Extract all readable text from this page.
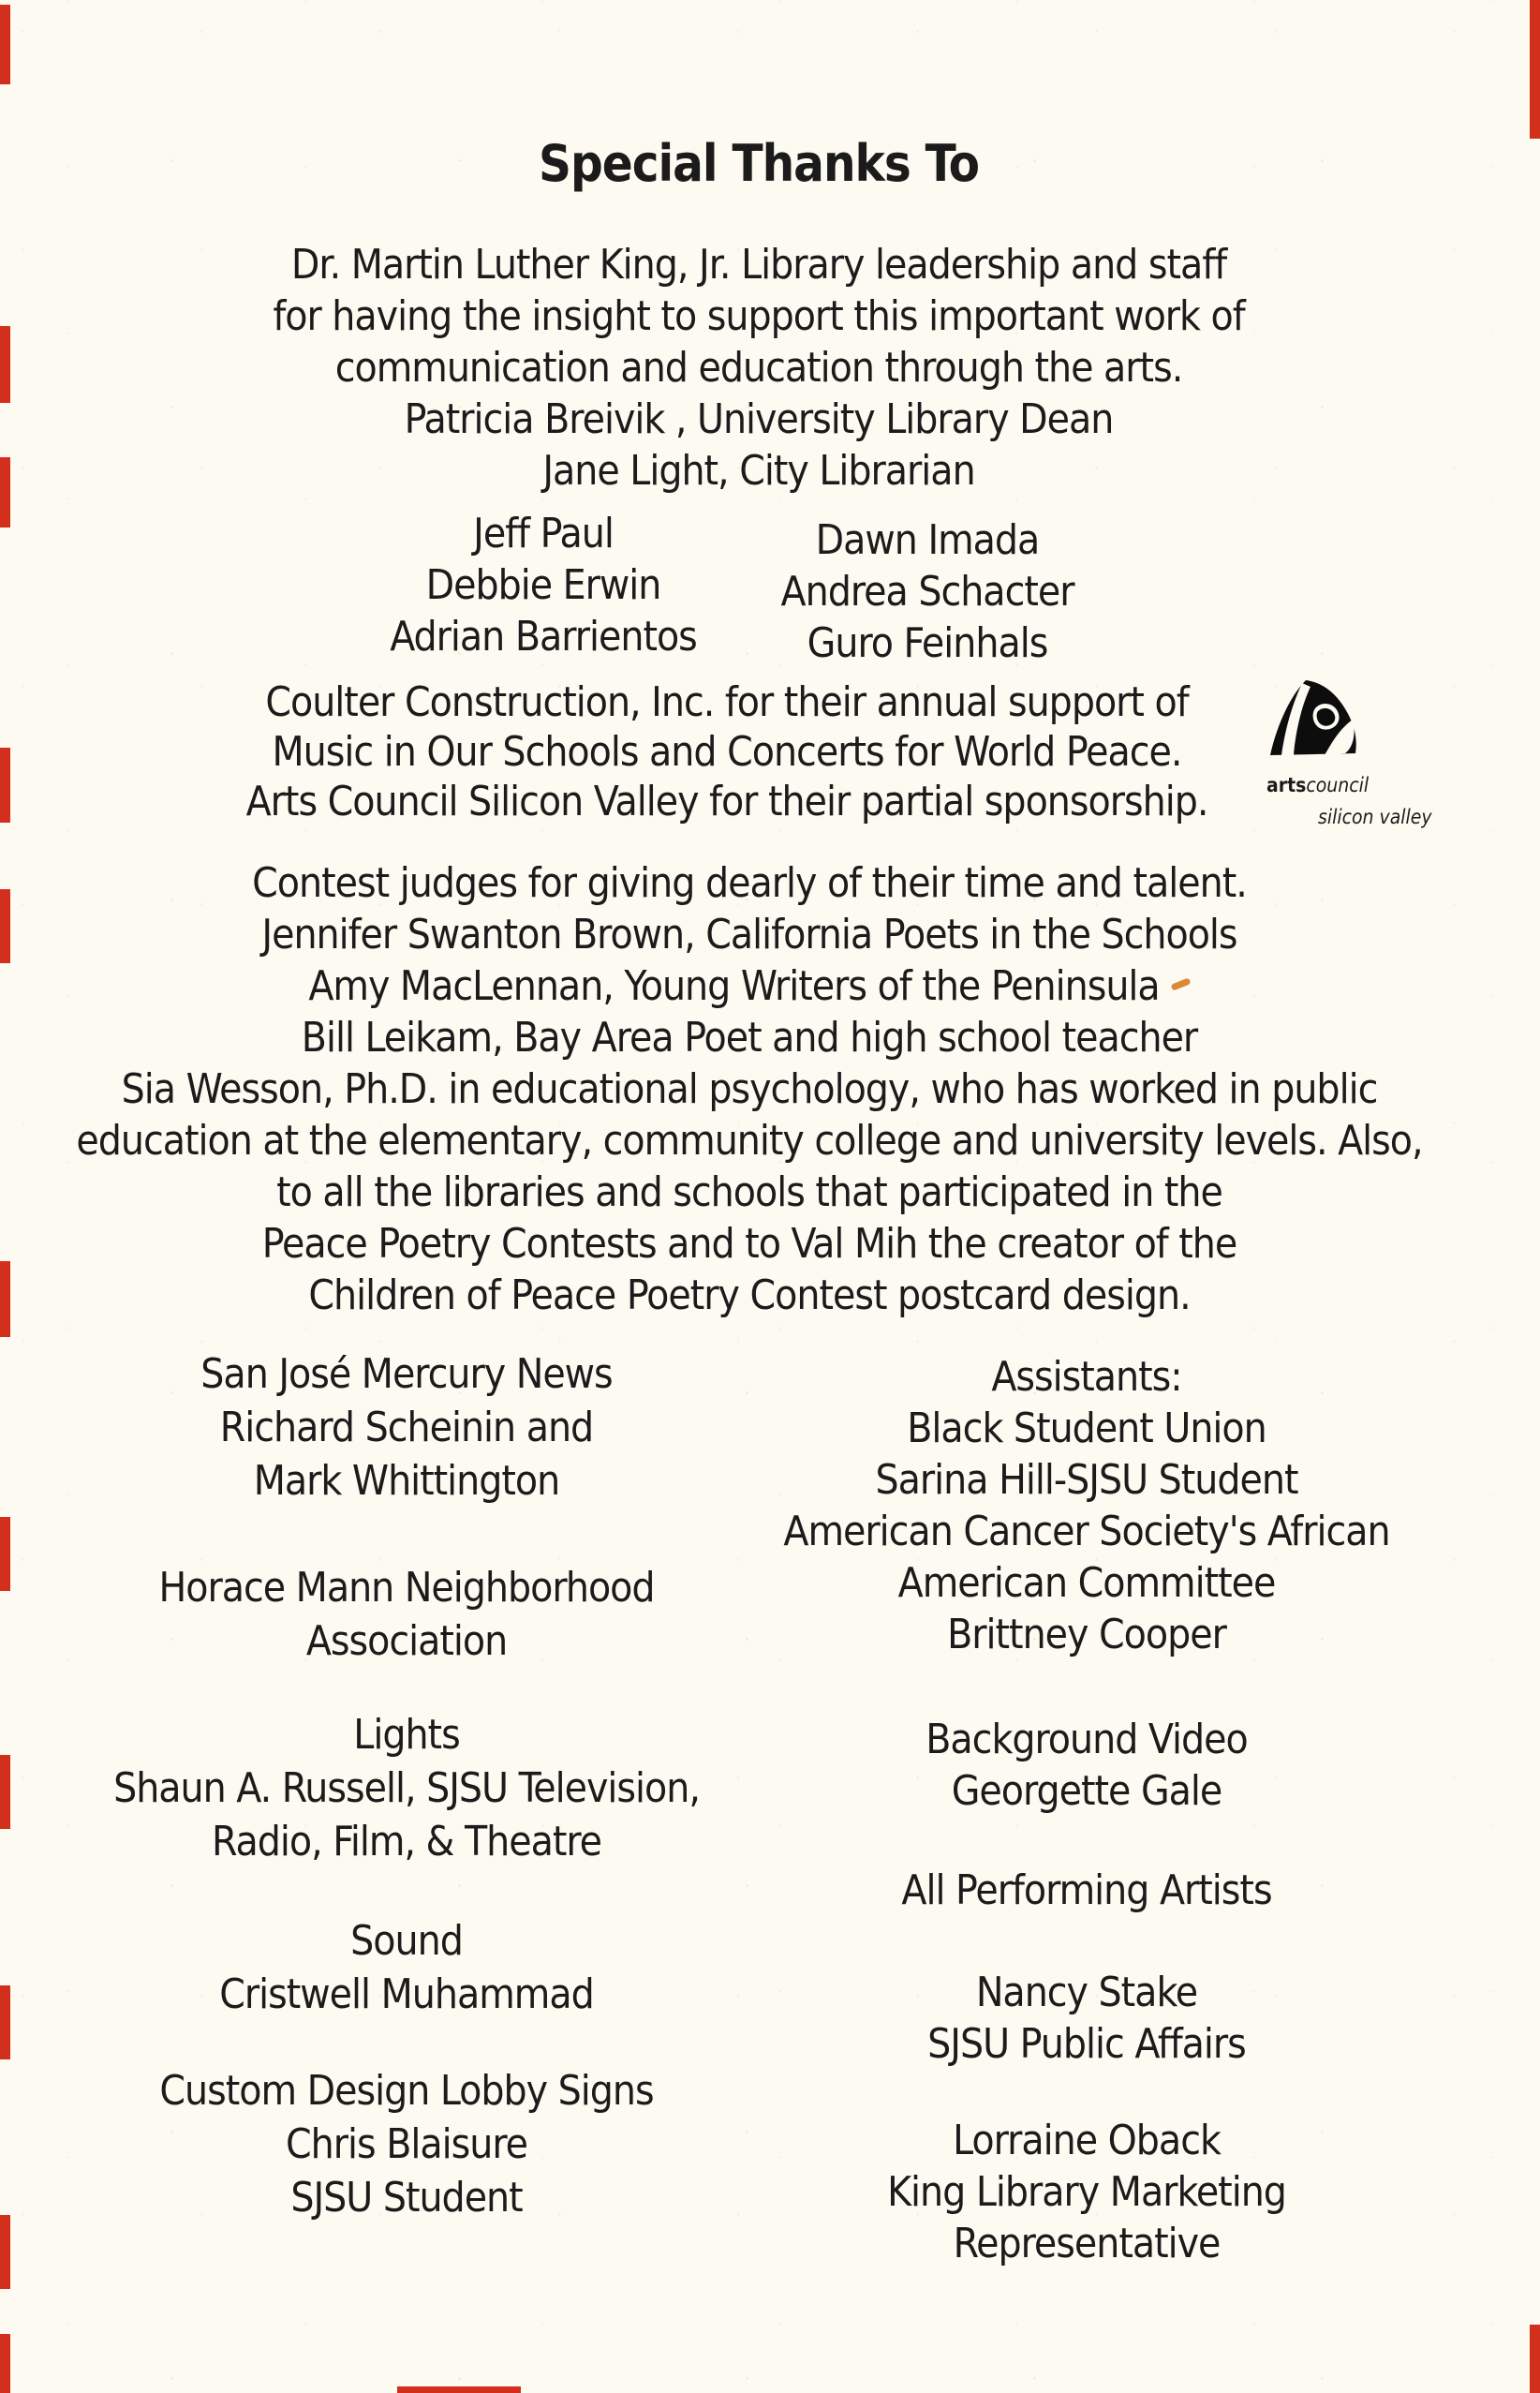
Special Thanks To
Dr. Martin Luther King, Jr. Library leadership and staff
for having the insight to support this important work of
communication and education through the arts.
Patricia Breivik , University Library Dean
Jane Light, City Librarian
Jeff Paul
Debbie Erwin
Adrian Barrientos
Dawn Imada
Andrea Schacter
Guro Feinhals
Coulter Construction, Inc. for their annual support of
Music in Our Schools and Concerts for World Peace.
Arts Council Silicon Valley for their partial sponsorship.	artscouncil
silicon valley
Contest judges for giving dearly of their time and talent.
Jennifer Swanton Brown, California Poets in the Schools
Amy MacLennan, Young Writers of the Peninsula
Bill Leikam, Bay Area Poet and high school teacher
Sia Wesson, Ph.D. in educational psychology, who has worked in public
education at the elementary, community college and university levels. Also,
to all the libraries and schools that participated in the
Peace Poetry Contests and to Val Mih the creator of the
Children of Peace Poetry Contest postcard design.
San José Mercury News
Richard Scheinin and
Mark Whittington
Horace Mann Neighborhood
Association
Lights
Shaun A. Russell, SJSU Television,
Radio, Film, & Theatre
Sound
Cristwell Muhammad
Custom Design Lobby Signs
Chris Blaisure
SJSU Student
Assistants:
Black Student Union
Sarina Hill-SJSU Student
American Cancer Society's African
American Committee
Brittney Cooper
Background Video
Georgette Gale
All Performing Artists
Nancy Stake
SJSU Public Affairs
Lorraine Oback
King Library Marketing
Representative
